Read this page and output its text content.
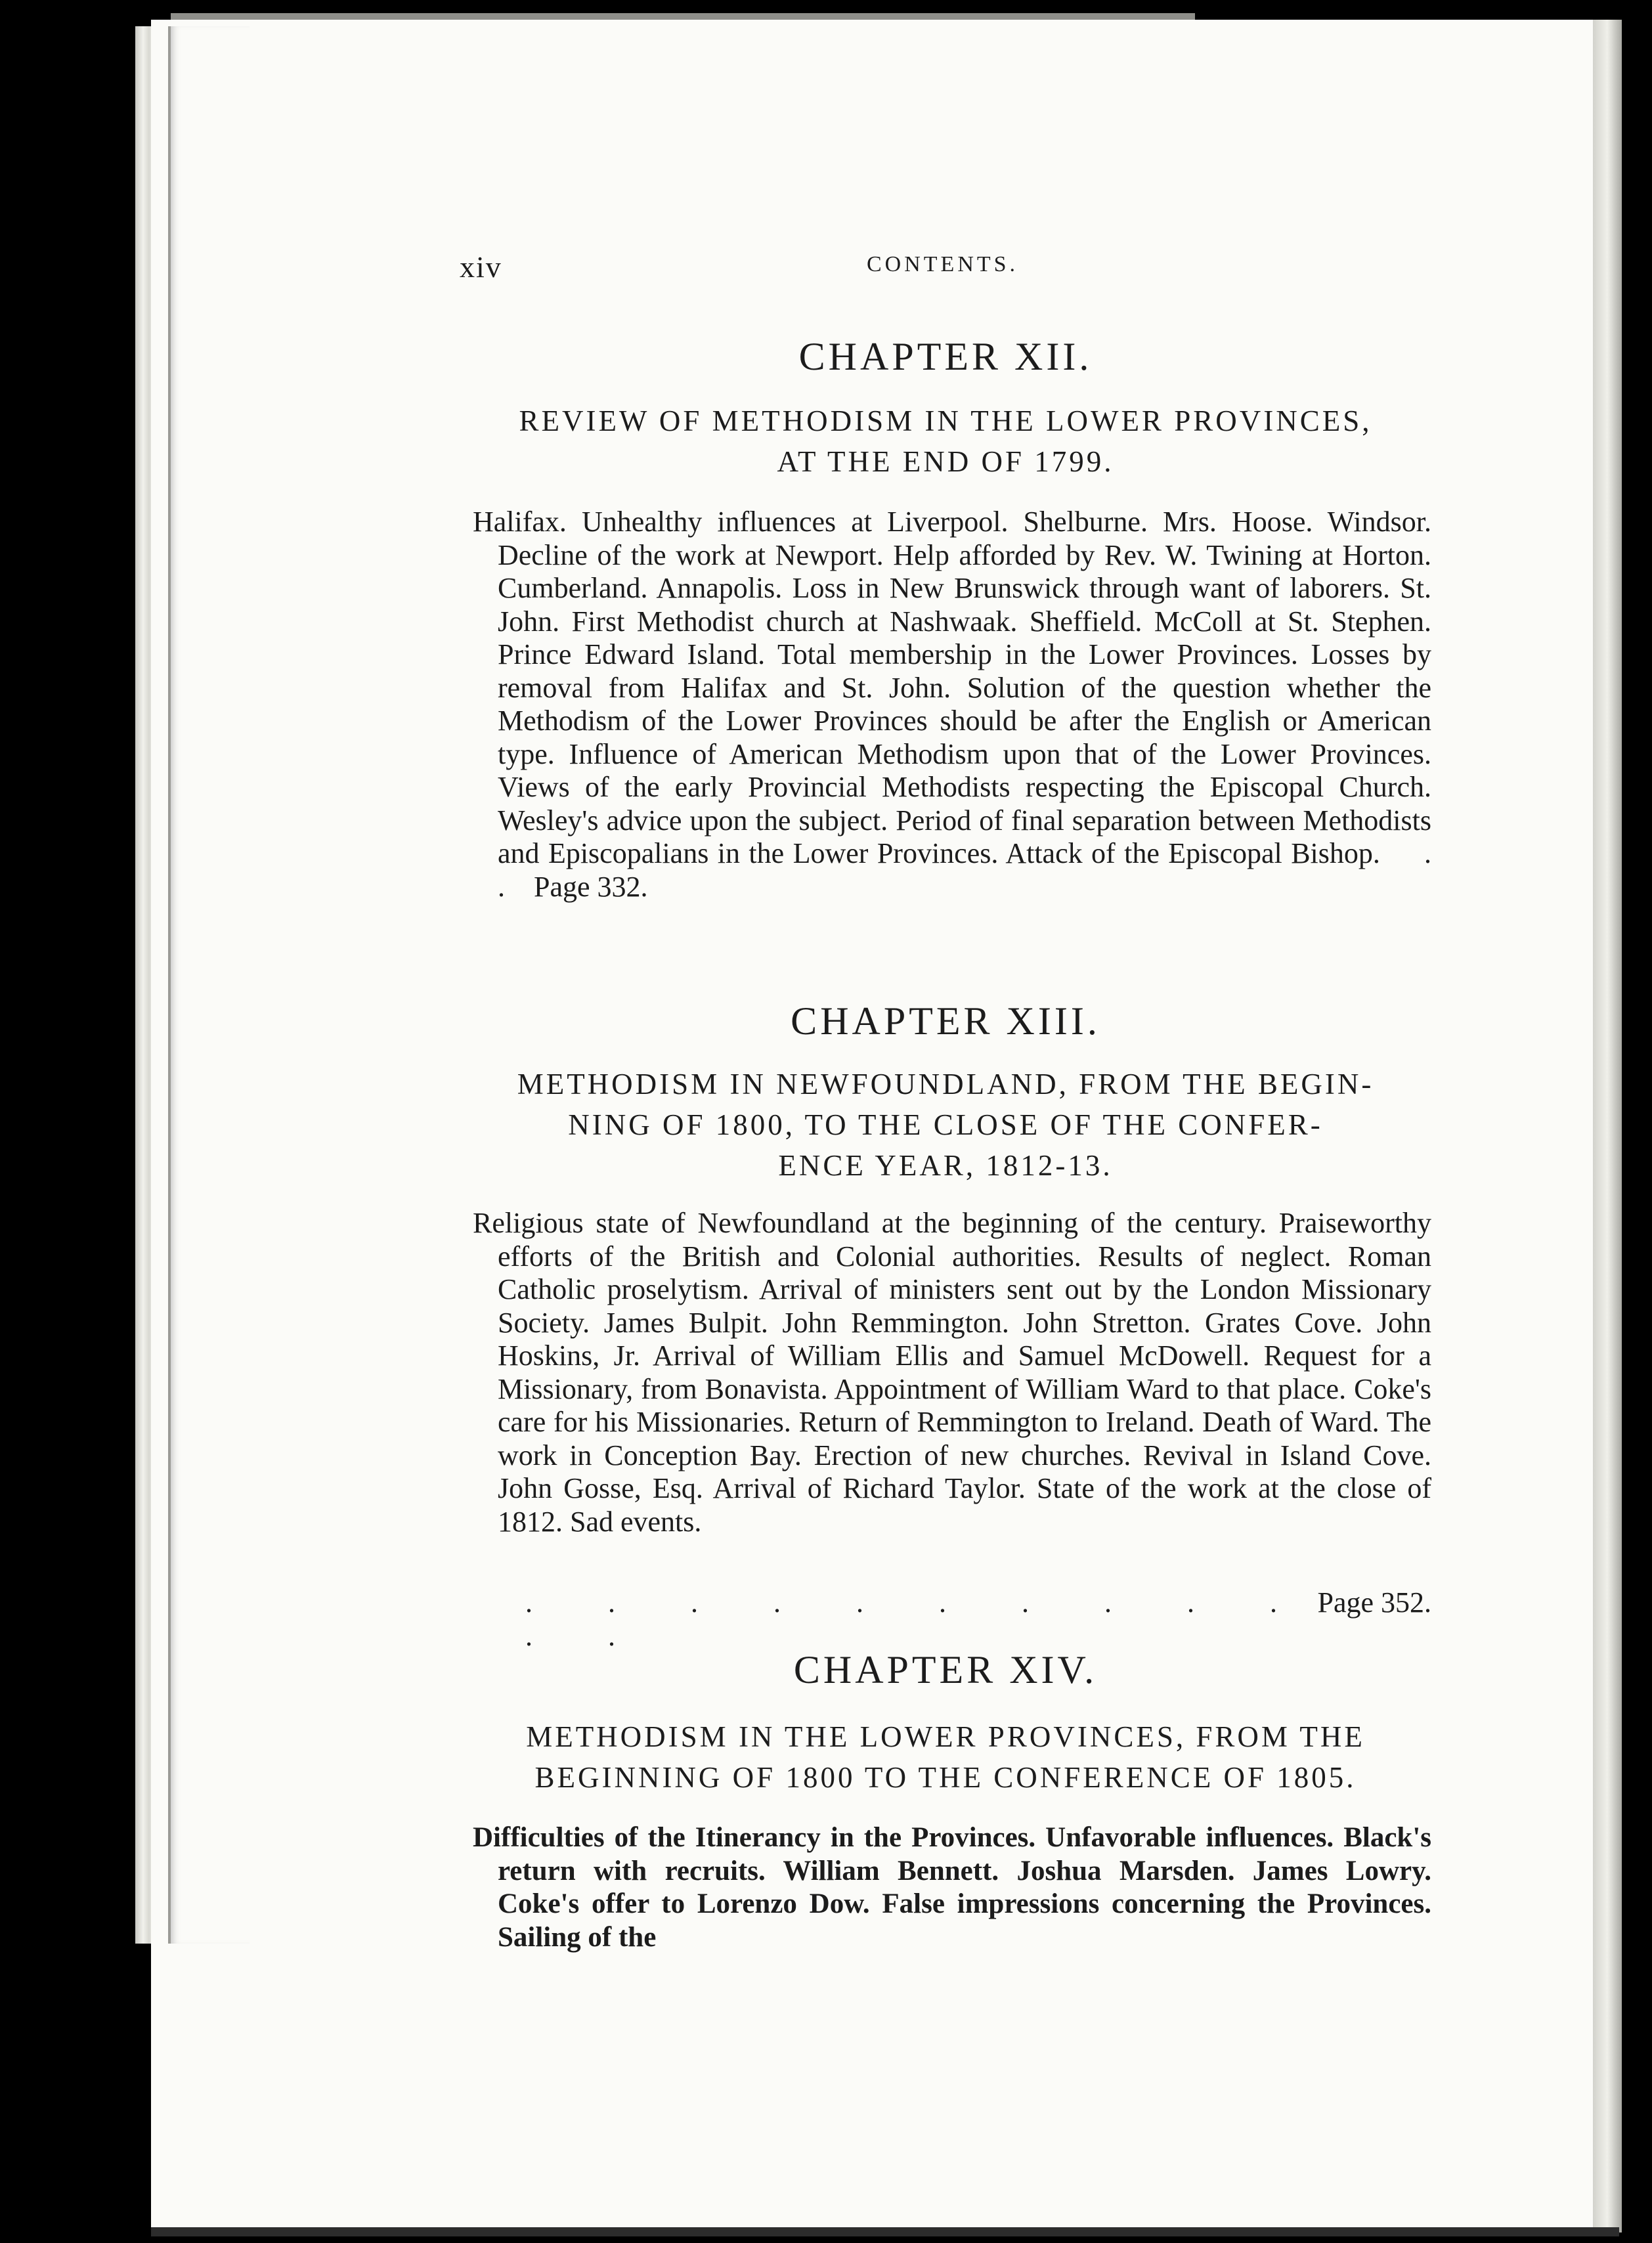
xiv	CONTENTS.
CHAPTER XII.
REVIEW OF METHODISM IN THE LOWER PROVINCES,
AT THE END OF 1799.
Halifax. Unhealthy influences at Liverpool. Shelburne. Mrs. Hoose. Windsor. Decline of the work at Newport. Help afforded by Rev. W. Twining at Horton. Cumberland. Annapolis. Loss in New Brunswick through want of laborers. St. John. First Methodist church at Nashwaak. Sheffield. McColl at St. Stephen. Prince Edward Island. Total membership in the Lower Provinces. Losses by removal from Halifax and St. John. Solution of the question whether the Methodism of the Lower Provinces should be after the English or American type. Influence of American Methodism upon that of the Lower Provinces. Views of the early Provincial Methodists respecting the Episcopal Church. Wesley's advice upon the subject. Period of final separation between Methodists and Episcopalians in the Lower Provinces. Attack of the Episcopal Bishop. . . Page 332.
CHAPTER XIII.
METHODISM IN NEWFOUNDLAND, FROM THE BEGIN-
NING OF 1800, TO THE CLOSE OF THE CONFER-
ENCE YEAR, 1812-13.
Religious state of Newfoundland at the beginning of the century. Praiseworthy efforts of the British and Colonial authorities. Results of neglect. Roman Catholic proselytism. Arrival of ministers sent out by the London Missionary Society. James Bulpit. John Remmington. John Stretton. Grates Cove. John Hoskins, Jr. Arrival of William Ellis and Samuel McDowell. Request for a Missionary, from Bonavista. Appointment of William Ward to that place. Coke's care for his Missionaries. Return of Remmington to Ireland. Death of Ward. The work in Conception Bay. Erection of new churches. Revival in Island Cove. John Gosse, Esq. Arrival of Richard Taylor. State of the work at the close of 1812. Sad events.
. . . . . . . . . . . .
Page 352.
CHAPTER XIV.
METHODISM IN THE LOWER PROVINCES, FROM THE
BEGINNING OF 1800 TO THE CONFERENCE OF 1805.
Difficulties of the Itinerancy in the Provinces. Unfavorable influences. Black's return with recruits. William Bennett. Joshua Marsden. James Lowry. Coke's offer to Lorenzo Dow. False impressions concerning the Provinces. Sailing of the
